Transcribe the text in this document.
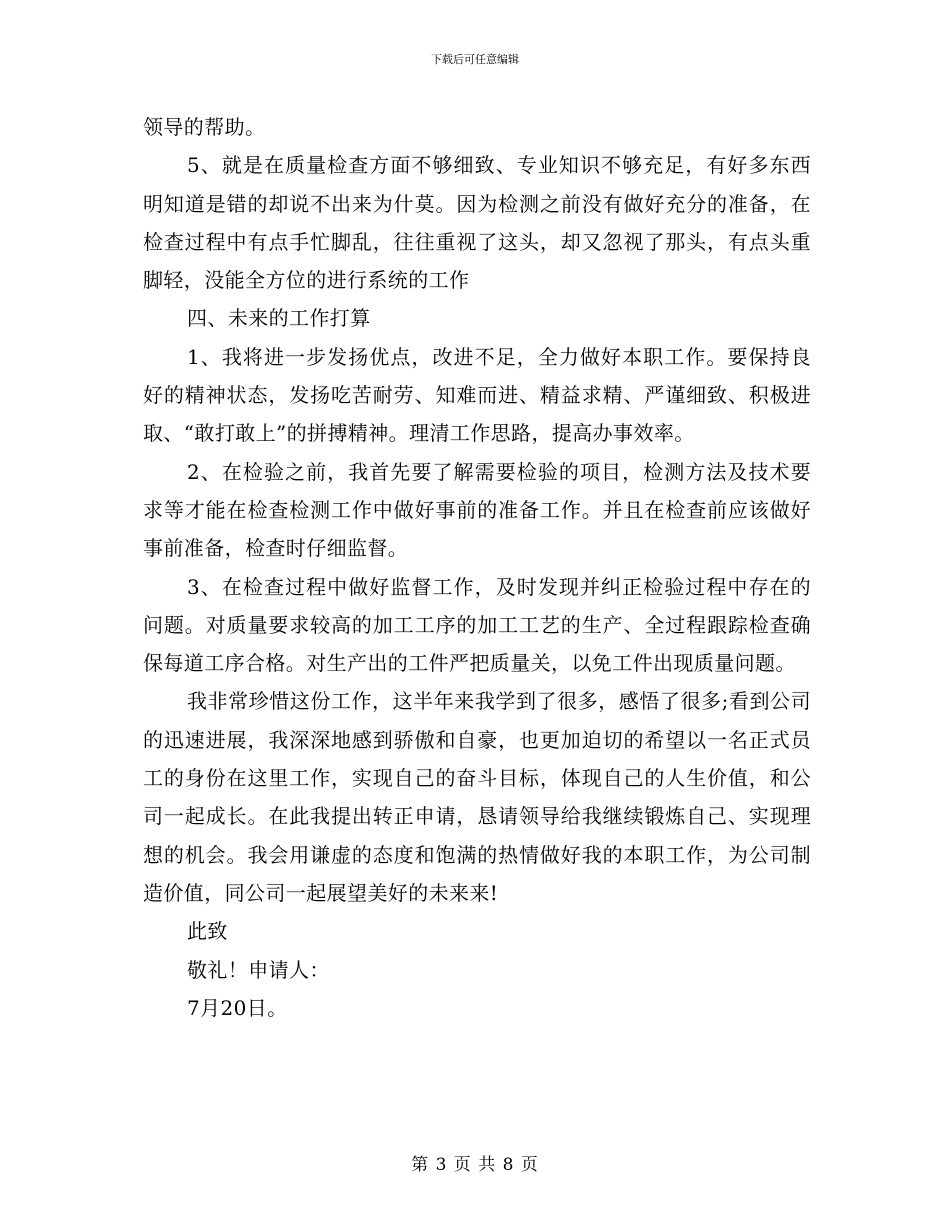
下载后可任意编辑

领导的帮助。

5、就是在质量检查方面不够细致、专业知识不够充足，有好多东西明知道是错的却说不出来为什莫。因为检测之前没有做好充分的准备，在检查过程中有点手忙脚乱，往往重视了这头，却又忽视了那头，有点头重脚轻，没能全方位的进行系统的工作

四、未来的工作打算

1、我将进一步发扬优点，改进不足，全力做好本职工作。要保持良好的精神状态，发扬吃苦耐劳、知难而进、精益求精、严谨细致、积极进取、“敢打敢上”的拼搏精神。理清工作思路，提高办事效率。

2、在检验之前，我首先要了解需要检验的项目，检测方法及技术要求等才能在检查检测工作中做好事前的准备工作。并且在检查前应该做好事前准备，检查时仔细监督。

3、在检查过程中做好监督工作，及时发现并纠正检验过程中存在的问题。对质量要求较高的加工工序的加工工艺的生产、全过程跟踪检查确保每道工序合格。对生产出的工件严把质量关，以免工件出现质量问题。

我非常珍惜这份工作，这半年来我学到了很多，感悟了很多;看到公司的迅速进展，我深深地感到骄傲和自豪，也更加迫切的希望以一名正式员工的身份在这里工作，实现自己的奋斗目标，体现自己的人生价值，和公司一起成长。在此我提出转正申请，恳请领导给我继续锻炼自己、实现理想的机会。我会用谦虚的态度和饱满的热情做好我的本职工作，为公司制造价值，同公司一起展望美好的未来来!

此致

敬礼！申请人：

7月20日。

第 3 页 共 8 页
